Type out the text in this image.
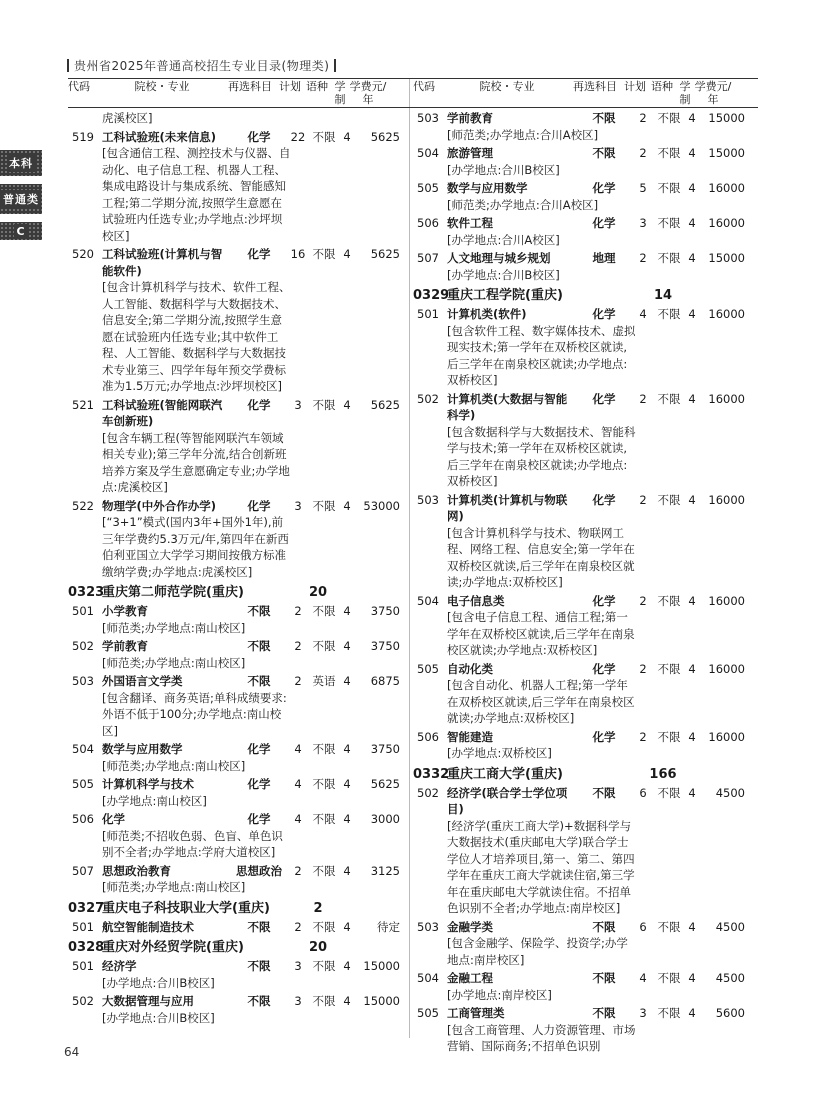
贵州省2025年普通高校招生专业目录(物理类)
本科
普通类
C
代码	院校・专业	再选科目 计划 语种 学制
学费元/年
虎溪校区]
519 工科试验班(未来信息)	化学	22 不限 4	5625
[包含通信工程、测控技术与仪器、自动化、电子信息工程、机器人工程、集成电路设计与集成系统、智能感知工程;第二学期分流,按照学生意愿在试验班内任选专业;办学地点:沙坪坝校区]
520 工科试验班(计算机与智能软件)
化学	16 不限 4	5625
[包含计算机科学与技术、软件工程、人工智能、数据科学与大数据技术、信息安全;第二学期分流,按照学生意愿在试验班内任选专业;其中软件工程、人工智能、数据科学与大数据技术专业第三、四学年每年预交学费标准为1.5万元;办学地点:沙坪坝校区]
521 工科试验班(智能网联汽车创新班)
化学	3 不限 4	5625
[包含车辆工程(等智能网联汽车领域相关专业);第三学年分流,结合创新班培养方案及学生意愿确定专业;办学地点:虎溪校区]
522 物理学(中外合作办学)	化学	3 不限 4	53000
[“3+1”模式(国内3年+国外1年),前三年学费约5.3万元/年,第四年在新西伯利亚国立大学学习期间按俄方标准缴纳学费;办学地点:虎溪校区]
0323
重庆第二师范学院(重庆)	20
501 小学教育	不限	2 不限 4	3750
[师范类;办学地点:南山校区]
502 学前教育	不限	2 不限 4	3750
[师范类;办学地点:南山校区]
503 外国语言文学类	不限	2 英语 4	6875
[包含翻译、商务英语;单科成绩要求:外语不低于100分;办学地点:南山校区]
504 数学与应用数学	化学	4 不限 4	3750
[师范类;办学地点:南山校区]
505 计算机科学与技术	化学	4 不限 4	5625
[办学地点:南山校区]
506 化学	化学	4 不限 4	3000
[师范类;不招收色弱、色盲、单色识别不全者;办学地点:学府大道校区]
507 思想政治教育	思想政治	2 不限 4	3125
[师范类;办学地点:南山校区]
0327
重庆电子科技职业大学(重庆)	2
501 航空智能制造技术	不限	2 不限 4	待定
0328
重庆对外经贸学院(重庆)	20
501 经济学	不限	3 不限 4	15000
[办学地点:合川B校区]
502 大数据管理与应用	不限	3 不限 4	15000
[办学地点:合川B校区]
代码	院校・专业	再选科目 计划 语种 学制
学费元/年
503 学前教育	不限	2 不限 4	15000
[师范类;办学地点:合川A校区]
504 旅游管理	不限	2 不限 4	15000
[办学地点:合川B校区]
505 数学与应用数学	化学	5 不限 4	16000
[师范类;办学地点:合川A校区]
506 软件工程	化学	3 不限 4	16000
[办学地点:合川A校区]
507 人文地理与城乡规划	地理	2 不限 4	15000
[办学地点:合川B校区]
0329
重庆工程学院(重庆)	14
501 计算机类(软件)	化学	4 不限 4	16000
[包含软件工程、数字媒体技术、虚拟现实技术;第一学年在双桥校区就读,后三学年在南泉校区就读;办学地点:双桥校区]
502 计算机类(大数据与智能科学)
化学	2 不限 4	16000
[包含数据科学与大数据技术、智能科学与技术;第一学年在双桥校区就读,后三学年在南泉校区就读;办学地点:双桥校区]
503 计算机类(计算机与物联网)
化学	2 不限 4	16000
[包含计算机科学与技术、物联网工程、网络工程、信息安全;第一学年在双桥校区就读,后三学年在南泉校区就读;办学地点:双桥校区]
504 电子信息类	化学	2 不限 4	16000
[包含电子信息工程、通信工程;第一学年在双桥校区就读,后三学年在南泉校区就读;办学地点:双桥校区]
505 自动化类	化学	2 不限 4	16000
[包含自动化、机器人工程;第一学年在双桥校区就读,后三学年在南泉校区就读;办学地点:双桥校区]
506 智能建造	化学	2 不限 4	16000
[办学地点:双桥校区]
0332
重庆工商大学(重庆)	166
502 经济学(联合学士学位项目)
不限	6 不限 4	4500
[经济学(重庆工商大学)+数据科学与大数据技术(重庆邮电大学)联合学士学位人才培养项目,第一、第二、第四学年在重庆工商大学就读住宿,第三学年在重庆邮电大学就读住宿。不招单色识别不全者;办学地点:南岸校区]
503 金融学类	不限	6 不限 4	4500
[包含金融学、保险学、投资学;办学地点:南岸校区]
504 金融工程	不限	4 不限 4	4500
[办学地点:南岸校区]
505 工商管理类	不限	3 不限 4	5600
[包含工商管理、人力资源管理、市场营销、国际商务;不招单色识别
64
